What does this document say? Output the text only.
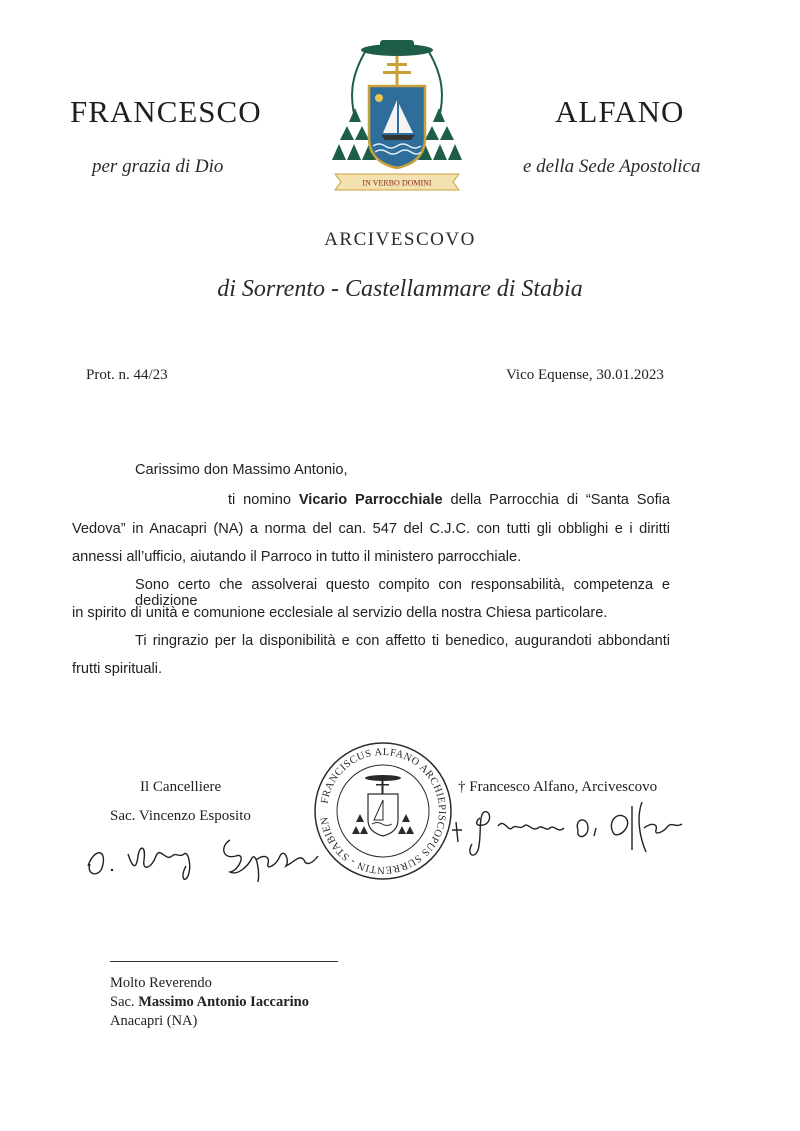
FRANCESCO	ALFANO
per grazia di Dio	e della Sede Apostolica
IN VERBO DOMINI
ARCIVESCOVO
di Sorrento - Castellammare di Stabia
Prot. n. 44/23	Vico Equense, 30.01.2023
Carissimo don Massimo Antonio,
ti nomino Vicario Parrocchiale della Parrocchia di “Santa Sofia
Vedova” in Anacapri (NA) a norma del can. 547 del C.J.C. con tutti gli obblighi e i diritti
annessi all’ufficio, aiutando il Parroco in tutto il ministero parrocchiale.
Sono certo che assolverai questo compito con responsabilità, competenza e dedizione
in spirito di unità e comunione ecclesiale al servizio della nostra Chiesa particolare.
Ti ringrazio per la disponibilità e con affetto ti benedico, augurandoti abbondanti
frutti spirituali.
Il Cancelliere
Sac. Vincenzo Esposito
† Francesco Alfano, Arcivescovo
FRANCISCUS ALFANO ARCHIEPISCOPUS SURRENTIN - STABIEN
Molto Reverendo
Sac. Massimo Antonio Iaccarino
Anacapri (NA)
